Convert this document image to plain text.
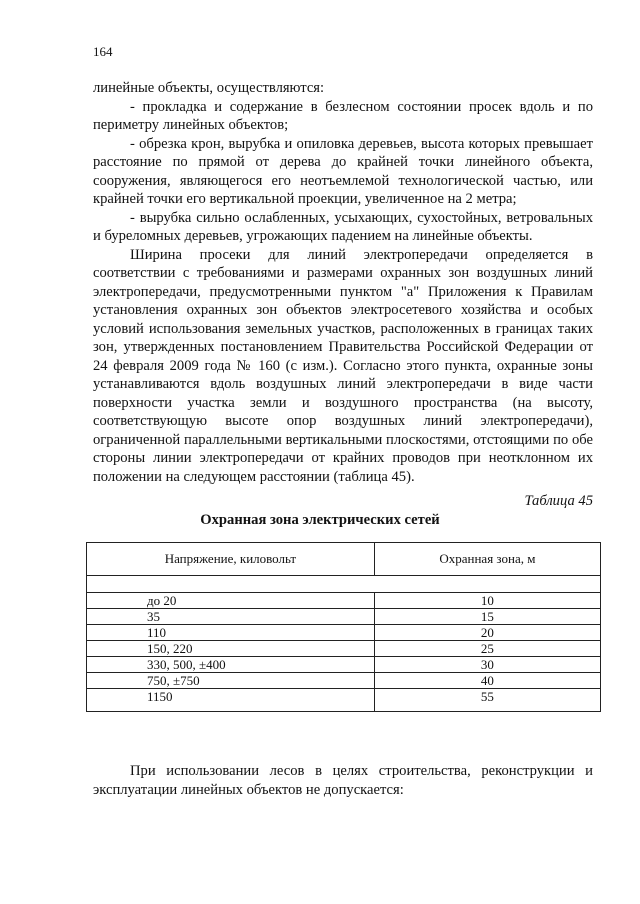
164

линейные объекты, осуществляются:

- прокладка и содержание в безлесном состоянии просек вдоль и по периметру линейных объектов;

- обрезка крон, вырубка и опиловка деревьев, высота которых превышает расстояние по прямой от дерева до крайней точки линейного объекта, сооружения, являющегося его неотъемлемой технологической частью, или крайней точки его вертикальной проекции, увеличенное на 2 метра;

- вырубка сильно ослабленных, усыхающих, сухостойных, ветровальных и буреломных деревьев, угрожающих падением на линейные объекты.

Ширина просеки для линий электропередачи определяется в соответствии с требованиями и размерами охранных зон воздушных линий электропередачи, предусмотренными пунктом "а" Приложения к Правилам установления охранных зон объектов электросетевого хозяйства и особых условий использования земельных участков, расположенных в границах таких зон, утвержденных постановлением Правительства Российской Федерации от 24 февраля 2009 года № 160 (с изм.). Согласно этого пункта, охранные зоны устанавливаются вдоль воздушных линий электропередачи в виде части поверхности участка земли и воздушного пространства (на высоту, соответствующую высоте опор воздушных линий электропередачи), ограниченной параллельными вертикальными плоскостями, отстоящими по обе стороны линии электропередачи от крайних проводов при неотклонном их положении на следующем расстоянии (таблица 45).

Таблица 45
Охранная зона электрических сетей
Напряжение, киловольт	Охранная зона, м

до 20	10
35	15
110	20
150, 220	25
330, 500, ±400	30
750, ±750	40
1150	55

При использовании лесов в целях строительства, реконструкции и эксплуатации линейных объектов не допускается:
